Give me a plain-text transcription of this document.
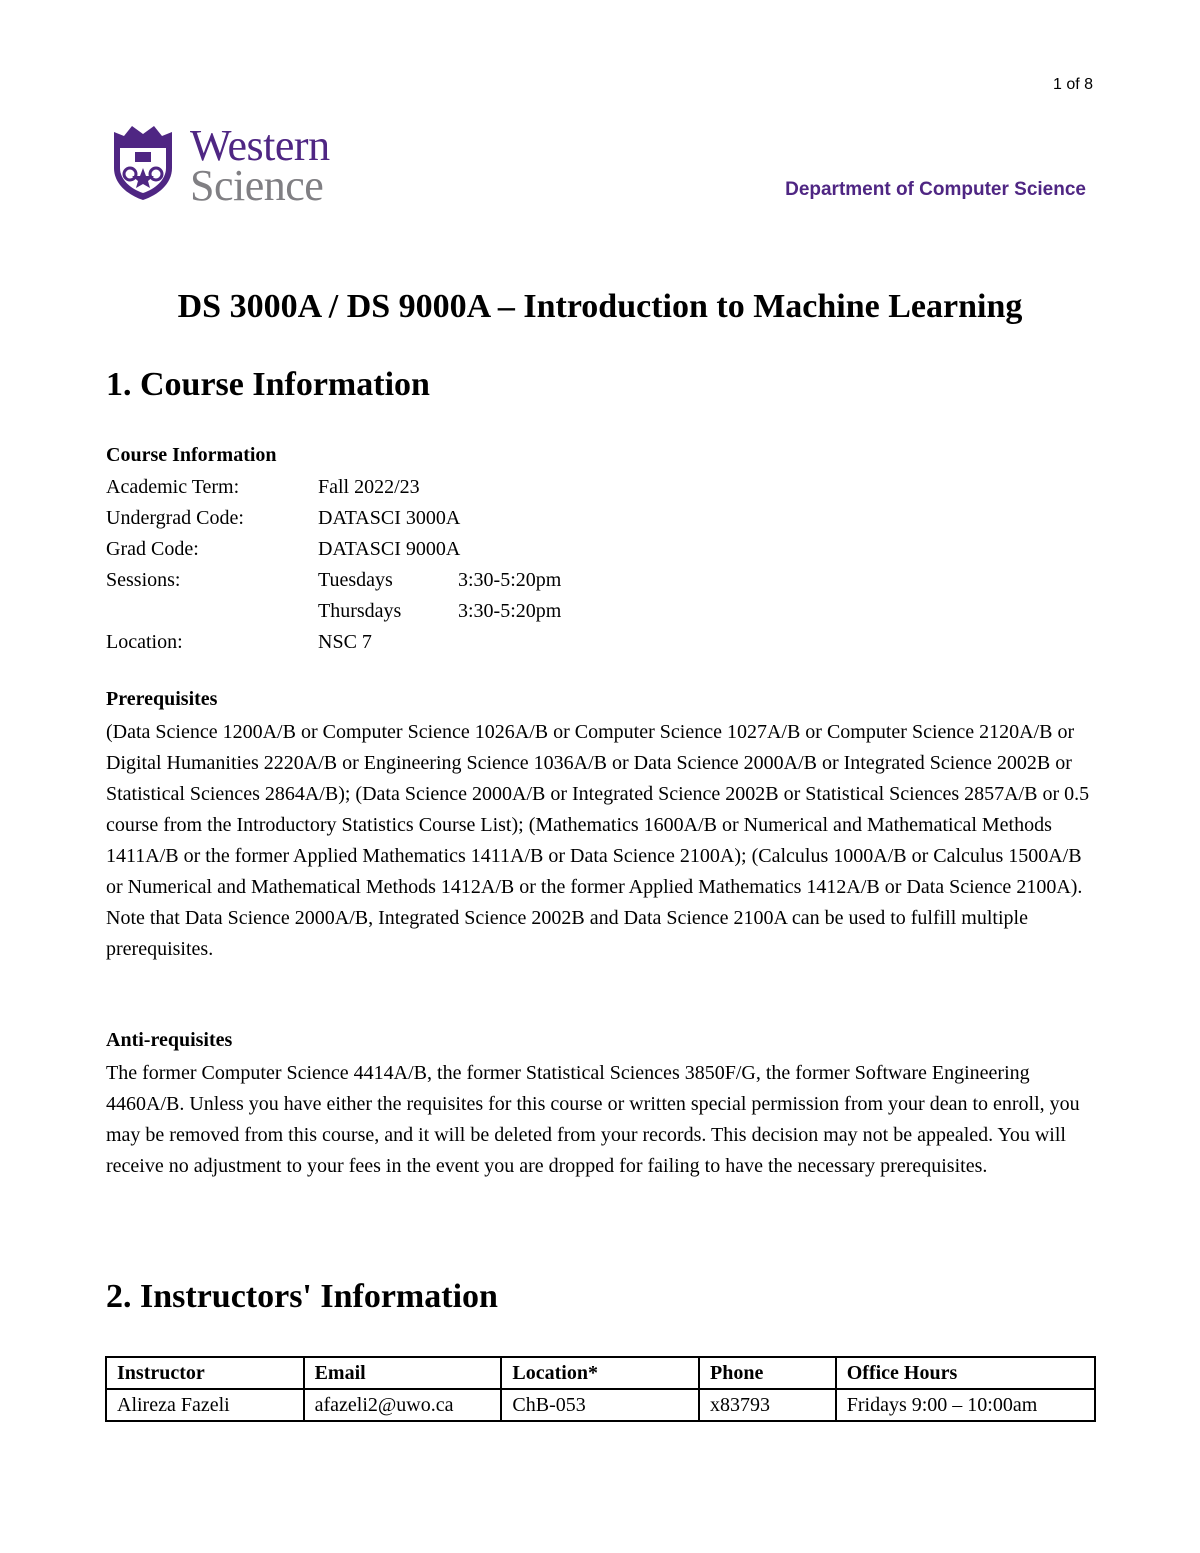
1 of 8
Western
Science	Department of Computer Science
DS 3000A / DS 9000A – Introduction to Machine Learning
1. Course Information
Course Information
Academic Term:	Fall 2022/23
Undergrad Code:	DATASCI 3000A
Grad Code:	DATASCI 9000A
Sessions:	Tuesdays	3:30-5:20pm
Thursdays	3:30-5:20pm
Location:	NSC 7
Prerequisites
(Data Science 1200A/B or Computer Science 1026A/B or Computer Science 1027A/B or Computer Science 2120A/B or Digital Humanities 2220A/B or Engineering Science 1036A/B or Data Science 2000A/B or Integrated Science 2002B or Statistical Sciences 2864A/B); (Data Science 2000A/B or Integrated Science 2002B or Statistical Sciences 2857A/B or 0.5 course from the Introductory Statistics Course List); (Mathematics 1600A/B or Numerical and Mathematical Methods 1411A/B or the former Applied Mathematics 1411A/B or Data Science 2100A); (Calculus 1000A/B or Calculus 1500A/B or Numerical and Mathematical Methods 1412A/B or the former Applied Mathematics 1412A/B or Data Science 2100A). Note that Data Science 2000A/B, Integrated Science 2002B and Data Science 2100A can be used to fulfill multiple prerequisites.
Anti-requisites
The former Computer Science 4414A/B, the former Statistical Sciences 3850F/G, the former Software Engineering 4460A/B. Unless you have either the requisites for this course or written special permission from your dean to enroll, you may be removed from this course, and it will be deleted from your records. This decision may not be appealed. You will receive no adjustment to your fees in the event you are dropped for failing to have the necessary prerequisites.
2. Instructors' Information
Instructor	Email	Location*	Phone	Office Hours
Alireza Fazeli	afazeli2@uwo.ca	ChB-053	x83793	Fridays 9:00 – 10:00am
